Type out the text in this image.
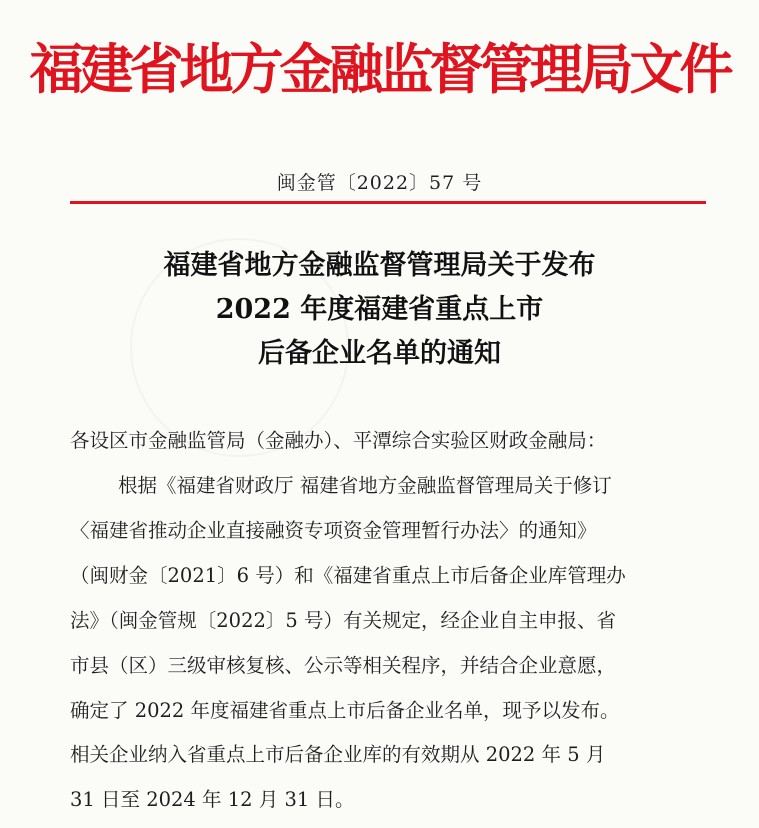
福建省地方金融监督管理局文件
闽金管〔2022〕57 号
福建省地方金融监督管理局关于发布
2022 年度福建省重点上市
后备企业名单的通知
各设区市金融监管局（金融办）、平潭综合实验区财政金融局：
根据《福建省财政厅 福建省地方金融监督管理局关于修订
〈福建省推动企业直接融资专项资金管理暂行办法〉的通知》
（闽财金〔2021〕6 号）和《福建省重点上市后备企业库管理办
法》（闽金管规〔2022〕5 号）有关规定，经企业自主申报、省
市县（区）三级审核复核、公示等相关程序，并结合企业意愿，
确定了 2022 年度福建省重点上市后备企业名单，现予以发布。
相关企业纳入省重点上市后备企业库的有效期从 2022 年 5 月
31 日至 2024 年 12 月 31 日。
